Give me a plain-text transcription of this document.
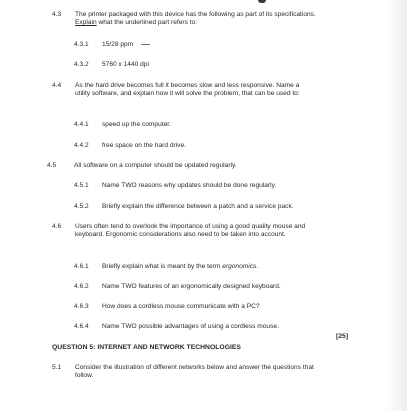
4.3 The printer packaged with this device has the following as part of its specifications. Explain what the underlined part refers to:
4.3.1 15/28 ppm
4.3.2 5760 x 1440 dpi
4.4 As the hard drive becomes full it becomes slow and less responsive. Name a utility software, and explain how it will solve the problem, that can be used to:
4.4.1 speed up the computer.
4.4.2 free space on the hard drive.
4.5	All software on a computer should be updated regularly.
4.5.1 Name TWO reasons why updates should be done regularly.
4.5.2 Briefly explain the difference between a patch and a service pack.
4.6 Users often tend to overlook the importance of using a good quality mouse and keyboard. Ergonomic considerations also need to be taken into account.
4.6.1 Briefly explain what is meant by the term ergonomics.
4.6.2 Name TWO features of an ergonomically designed keyboard.
4.6.3 How does a cordless mouse communicate with a PC?
4.6.4 Name TWO possible advantages of using a cordless mouse.
[25]
QUESTION 5: INTERNET AND NETWORK TECHNOLOGIES
5.1 Consider the illustration of different networks below and answer the questions that follow.
